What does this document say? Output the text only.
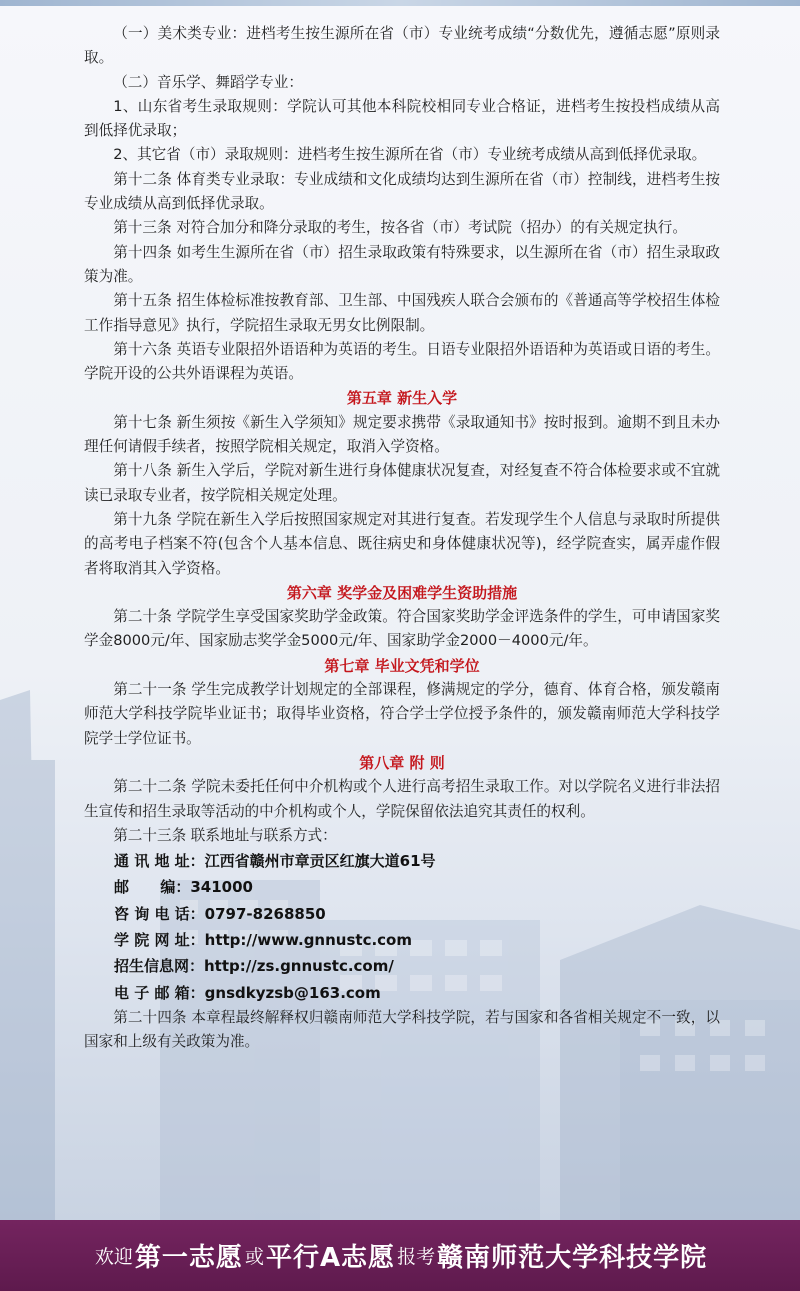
（一）美术类专业：进档考生按生源所在省（市）专业统考成绩“分数优先，遵循志愿”原则录取。

（二）音乐学、舞蹈学专业：

1、山东省考生录取规则：学院认可其他本科院校相同专业合格证，进档考生按投档成绩从高到低择优录取；

2、其它省（市）录取规则：进档考生按生源所在省（市）专业统考成绩从高到低择优录取。

第十二条 体育类专业录取：专业成绩和文化成绩均达到生源所在省（市）控制线，进档考生按专业成绩从高到低择优录取。

第十三条 对符合加分和降分录取的考生，按各省（市）考试院（招办）的有关规定执行。

第十四条 如考生生源所在省（市）招生录取政策有特殊要求，以生源所在省（市）招生录取政策为准。

第十五条 招生体检标准按教育部、卫生部、中国残疾人联合会颁布的《普通高等学校招生体检工作指导意见》执行，学院招生录取无男女比例限制。

第十六条 英语专业限招外语语种为英语的考生。日语专业限招外语语种为英语或日语的考生。学院开设的公共外语课程为英语。

第五章 新生入学

第十七条 新生须按《新生入学须知》规定要求携带《录取通知书》按时报到。逾期不到且未办理任何请假手续者，按照学院相关规定，取消入学资格。

第十八条 新生入学后，学院对新生进行身体健康状况复查，对经复查不符合体检要求或不宜就读已录取专业者，按学院相关规定处理。

第十九条 学院在新生入学后按照国家规定对其进行复查。若发现学生个人信息与录取时所提供的高考电子档案不符(包含个人基本信息、既往病史和身体健康状况等)，经学院查实，属弄虚作假者将取消其入学资格。

第六章 奖学金及困难学生资助措施

第二十条 学院学生享受国家奖助学金政策。符合国家奖助学金评选条件的学生，可申请国家奖学金8000元/年、国家励志奖学金5000元/年、国家助学金2000－4000元/年。

第七章 毕业文凭和学位

第二十一条 学生完成教学计划规定的全部课程，修满规定的学分，德育、体育合格，颁发赣南师范大学科技学院毕业证书；取得毕业资格，符合学士学位授予条件的，颁发赣南师范大学科技学院学士学位证书。

第八章 附 则

第二十二条 学院未委托任何中介机构或个人进行高考招生录取工作。对以学院名义进行非法招生宣传和招生录取等活动的中介机构或个人，学院保留依法追究其责任的权利。

第二十三条 联系地址与联系方式：

通 讯 地 址：江西省赣州市章贡区红旗大道61号

邮      编：341000

咨 询 电 话：0797-8268850

学 院 网 址：http://www.gnnustc.com

招生信息网：http://zs.gnnustc.com/

电 子 邮 箱：gnsdkyzsb@163.com

第二十四条 本章程最终解释权归赣南师范大学科技学院，若与国家和各省相关规定不一致，以国家和上级有关政策为准。

欢迎 第一志愿 或 平行A志愿 报考 赣南师范大学科技学院
